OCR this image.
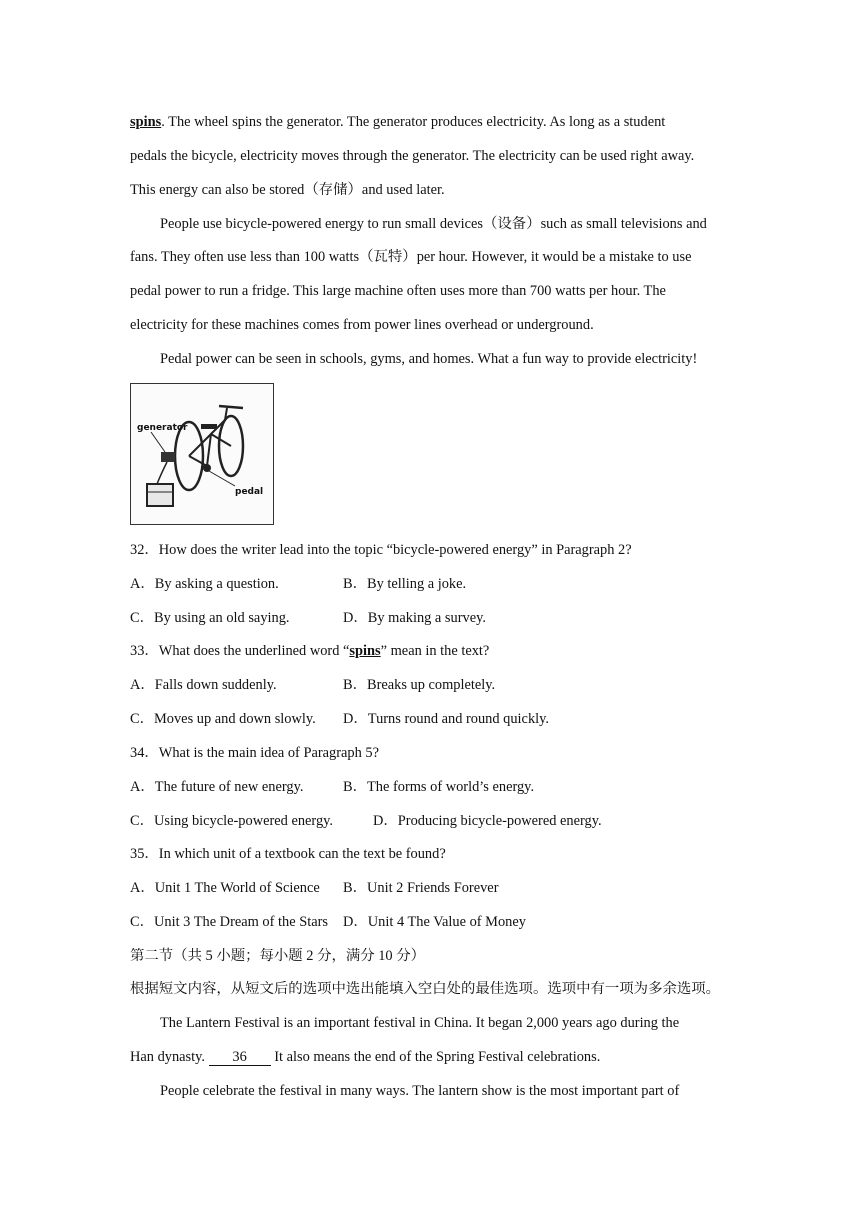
spins. The wheel spins the generator. The generator produces electricity. As long as a student
pedals the bicycle, electricity moves through the generator. The electricity can be used right away.
This energy can also be stored（存储）and used later.
People use bicycle-powered energy to run small devices（设备）such as small televisions and
fans. They often use less than 100 watts（瓦特）per hour. However, it would be a mistake to use
pedal power to run a fridge. This large machine often uses more than 700 watts per hour. The
electricity for these machines comes from power lines overhead or underground.
Pedal power can be seen in schools, gyms, and homes. What a fun way to provide electricity!
generator
pedal
32．How does the writer lead into the topic “bicycle-powered energy” in Paragraph 2?
A．By asking a question.	B．By telling a joke.
C．By using an old saying.	D．By making a survey.
33．What does the underlined word “spins” mean in the text?
A．Falls down suddenly.	B．Breaks up completely.
C．Moves up and down slowly. D．Turns round and round quickly.
34．What is the main idea of Paragraph 5?
A．The future of new energy.	B．The forms of world’s energy.
C．Using bicycle-powered energy.	D．Producing bicycle-powered energy.
35．In which unit of a textbook can the text be found?
A．Unit 1 The World of Science B．Unit 2 Friends Forever
C．Unit 3 The Dream of the Stars D．Unit 4 The Value of Money
第二节（共 5 小题；每小题 2 分，满分 10 分）
根据短文内容，从短文后的选项中选出能填入空白处的最佳选项。选项中有一项为多余选项。
The Lantern Festival is an important festival in China. It began 2,000 years ago during the
Han dynasty. 36 It also means the end of the Spring Festival celebrations.
People celebrate the festival in many ways. The lantern show is the most important part of
